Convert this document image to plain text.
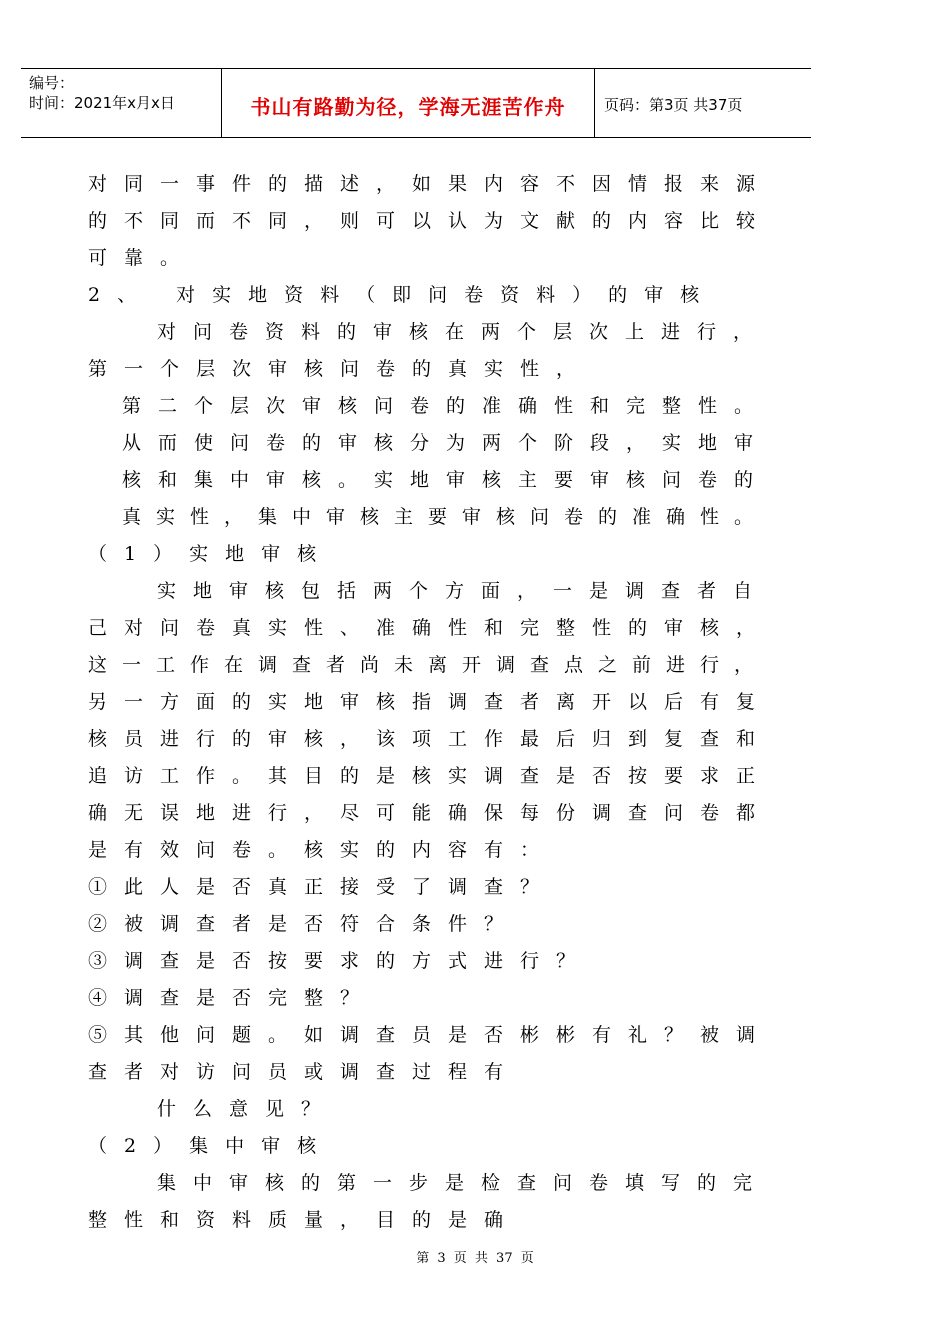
编号：
时间：2021年x月x日	书山有路勤为径，学海无涯苦作舟	页码：第3页 共37页
对同一事件的描述，如果内容不因情报来源
的不同而不同，则可以认为文献的内容比较
可靠。
2、 对实地资料（即问卷资料）的审核
对问卷资料的审核在两个层次上进行，
第一个层次审核问卷的真实性，
第二个层次审核问卷的准确性和完整性。
从而使问卷的审核分为两个阶段，实地审
核和集中审核。实地审核主要审核问卷的
真实性，集中审核主要审核问卷的准确性。
（1）实地审核
实地审核包括两个方面，一是调查者自
己对问卷真实性、准确性和完整性的审核，
这一工作在调查者尚未离开调查点之前进行，
另一方面的实地审核指调查者离开以后有复
核员进行的审核，该项工作最后归到复查和
追访工作。其目的是核实调查是否按要求正
确无误地进行，尽可能确保每份调查问卷都
是有效问卷。核实的内容有：
①此人是否真正接受了调查？
②被调查者是否符合条件？
③调查是否按要求的方式进行？
④调查是否完整？
⑤其他问题。如调查员是否彬彬有礼？被调
查者对访问员或调查过程有
什么意见？
（2）集中审核
集中审核的第一步是检查问卷填写的完
整性和资料质量，目的是确
第 3 页 共 37 页
